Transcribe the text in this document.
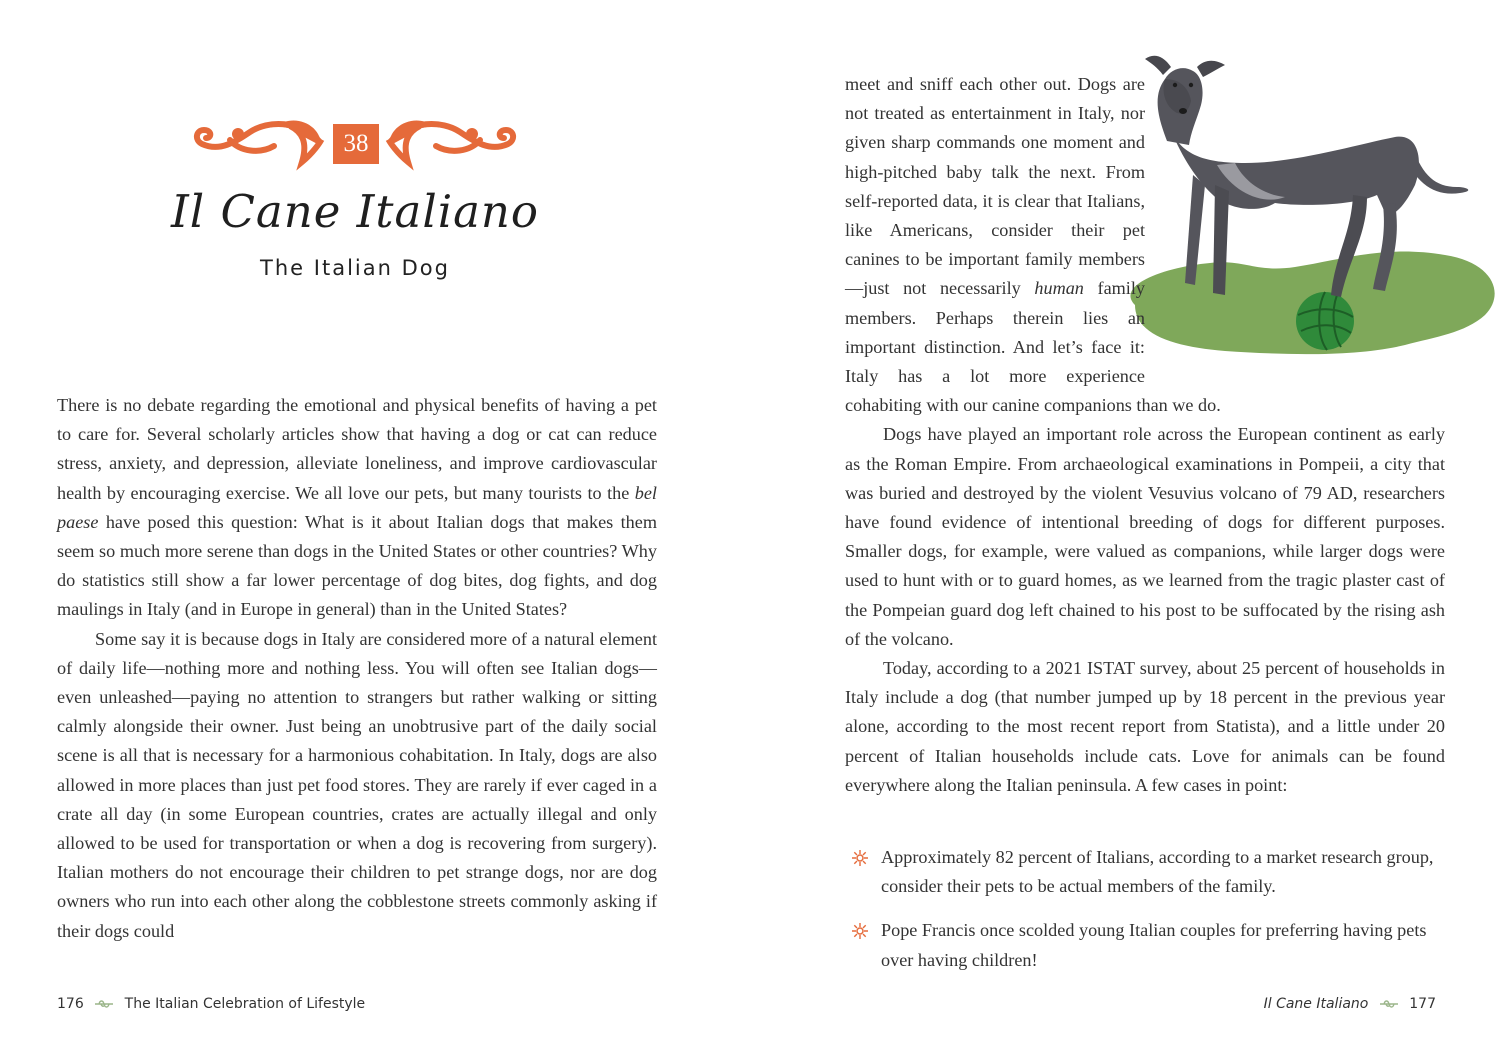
38
Il Cane Italiano
The Italian Dog

There is no debate regarding the emotional and physical benefits of having a pet to care for. Several scholarly articles show that having a dog or cat can reduce stress, anxiety, and depression, alleviate loneliness, and improve cardiovascular health by encouraging exercise. We all love our pets, but many tourists to the bel paese have posed this question: What is it about Italian dogs that makes them seem so much more serene than dogs in the United States or other countries? Why do statistics still show a far lower percentage of dog bites, dog fights, and dog maulings in Italy (and in Europe in general) than in the United States?

Some say it is because dogs in Italy are considered more of a natural element of daily life—nothing more and nothing less. You will often see Italian dogs—even unleashed—paying no attention to strangers but rather walking or sitting calmly alongside their owner. Just being an unobtrusive part of the daily social scene is all that is necessary for a harmonious cohabitation. In Italy, dogs are also allowed in more places than just pet food stores. They are rarely if ever caged in a crate all day (in some European countries, crates are actually illegal and only allowed to be used for transportation or when a dog is recovering from surgery). Italian mothers do not encourage their children to pet strange dogs, nor are dog owners who run into each other along the cobblestone streets commonly asking if their dogs could

176	The Italian Celebration of Lifestyle

meet and sniff each other out. Dogs are not treated as entertainment in Italy, nor given sharp commands one moment and high-pitched baby talk the next. From self-reported data, it is clear that Italians, like Americans, consider their pet canines to be important family members—just not necessarily human family members. Perhaps therein lies an important distinction. And let’s face it: Italy has a lot more experience cohabiting with our canine companions than we do.

Dogs have played an important role across the European continent as early as the Roman Empire. From archaeological examinations in Pompeii, a city that was buried and destroyed by the violent Vesuvius volcano of 79 AD, researchers have found evidence of intentional breeding of dogs for different purposes. Smaller dogs, for example, were valued as companions, while larger dogs were used to hunt with or to guard homes, as we learned from the tragic plaster cast of the Pompeian guard dog left chained to his post to be suffocated by the rising ash of the volcano.

Today, according to a 2021 ISTAT survey, about 25 percent of households in Italy include a dog (that number jumped up by 18 percent in the previous year alone, according to the most recent report from Statista), and a little under 20 percent of Italian households include cats. Love for animals can be found everywhere along the Italian peninsula. A few cases in point:

Approximately 82 percent of Italians, according to a market research group, consider their pets to be actual members of the family.
Pope Francis once scolded young Italian couples for preferring having pets over having children!
Il Cane Italiano	177
